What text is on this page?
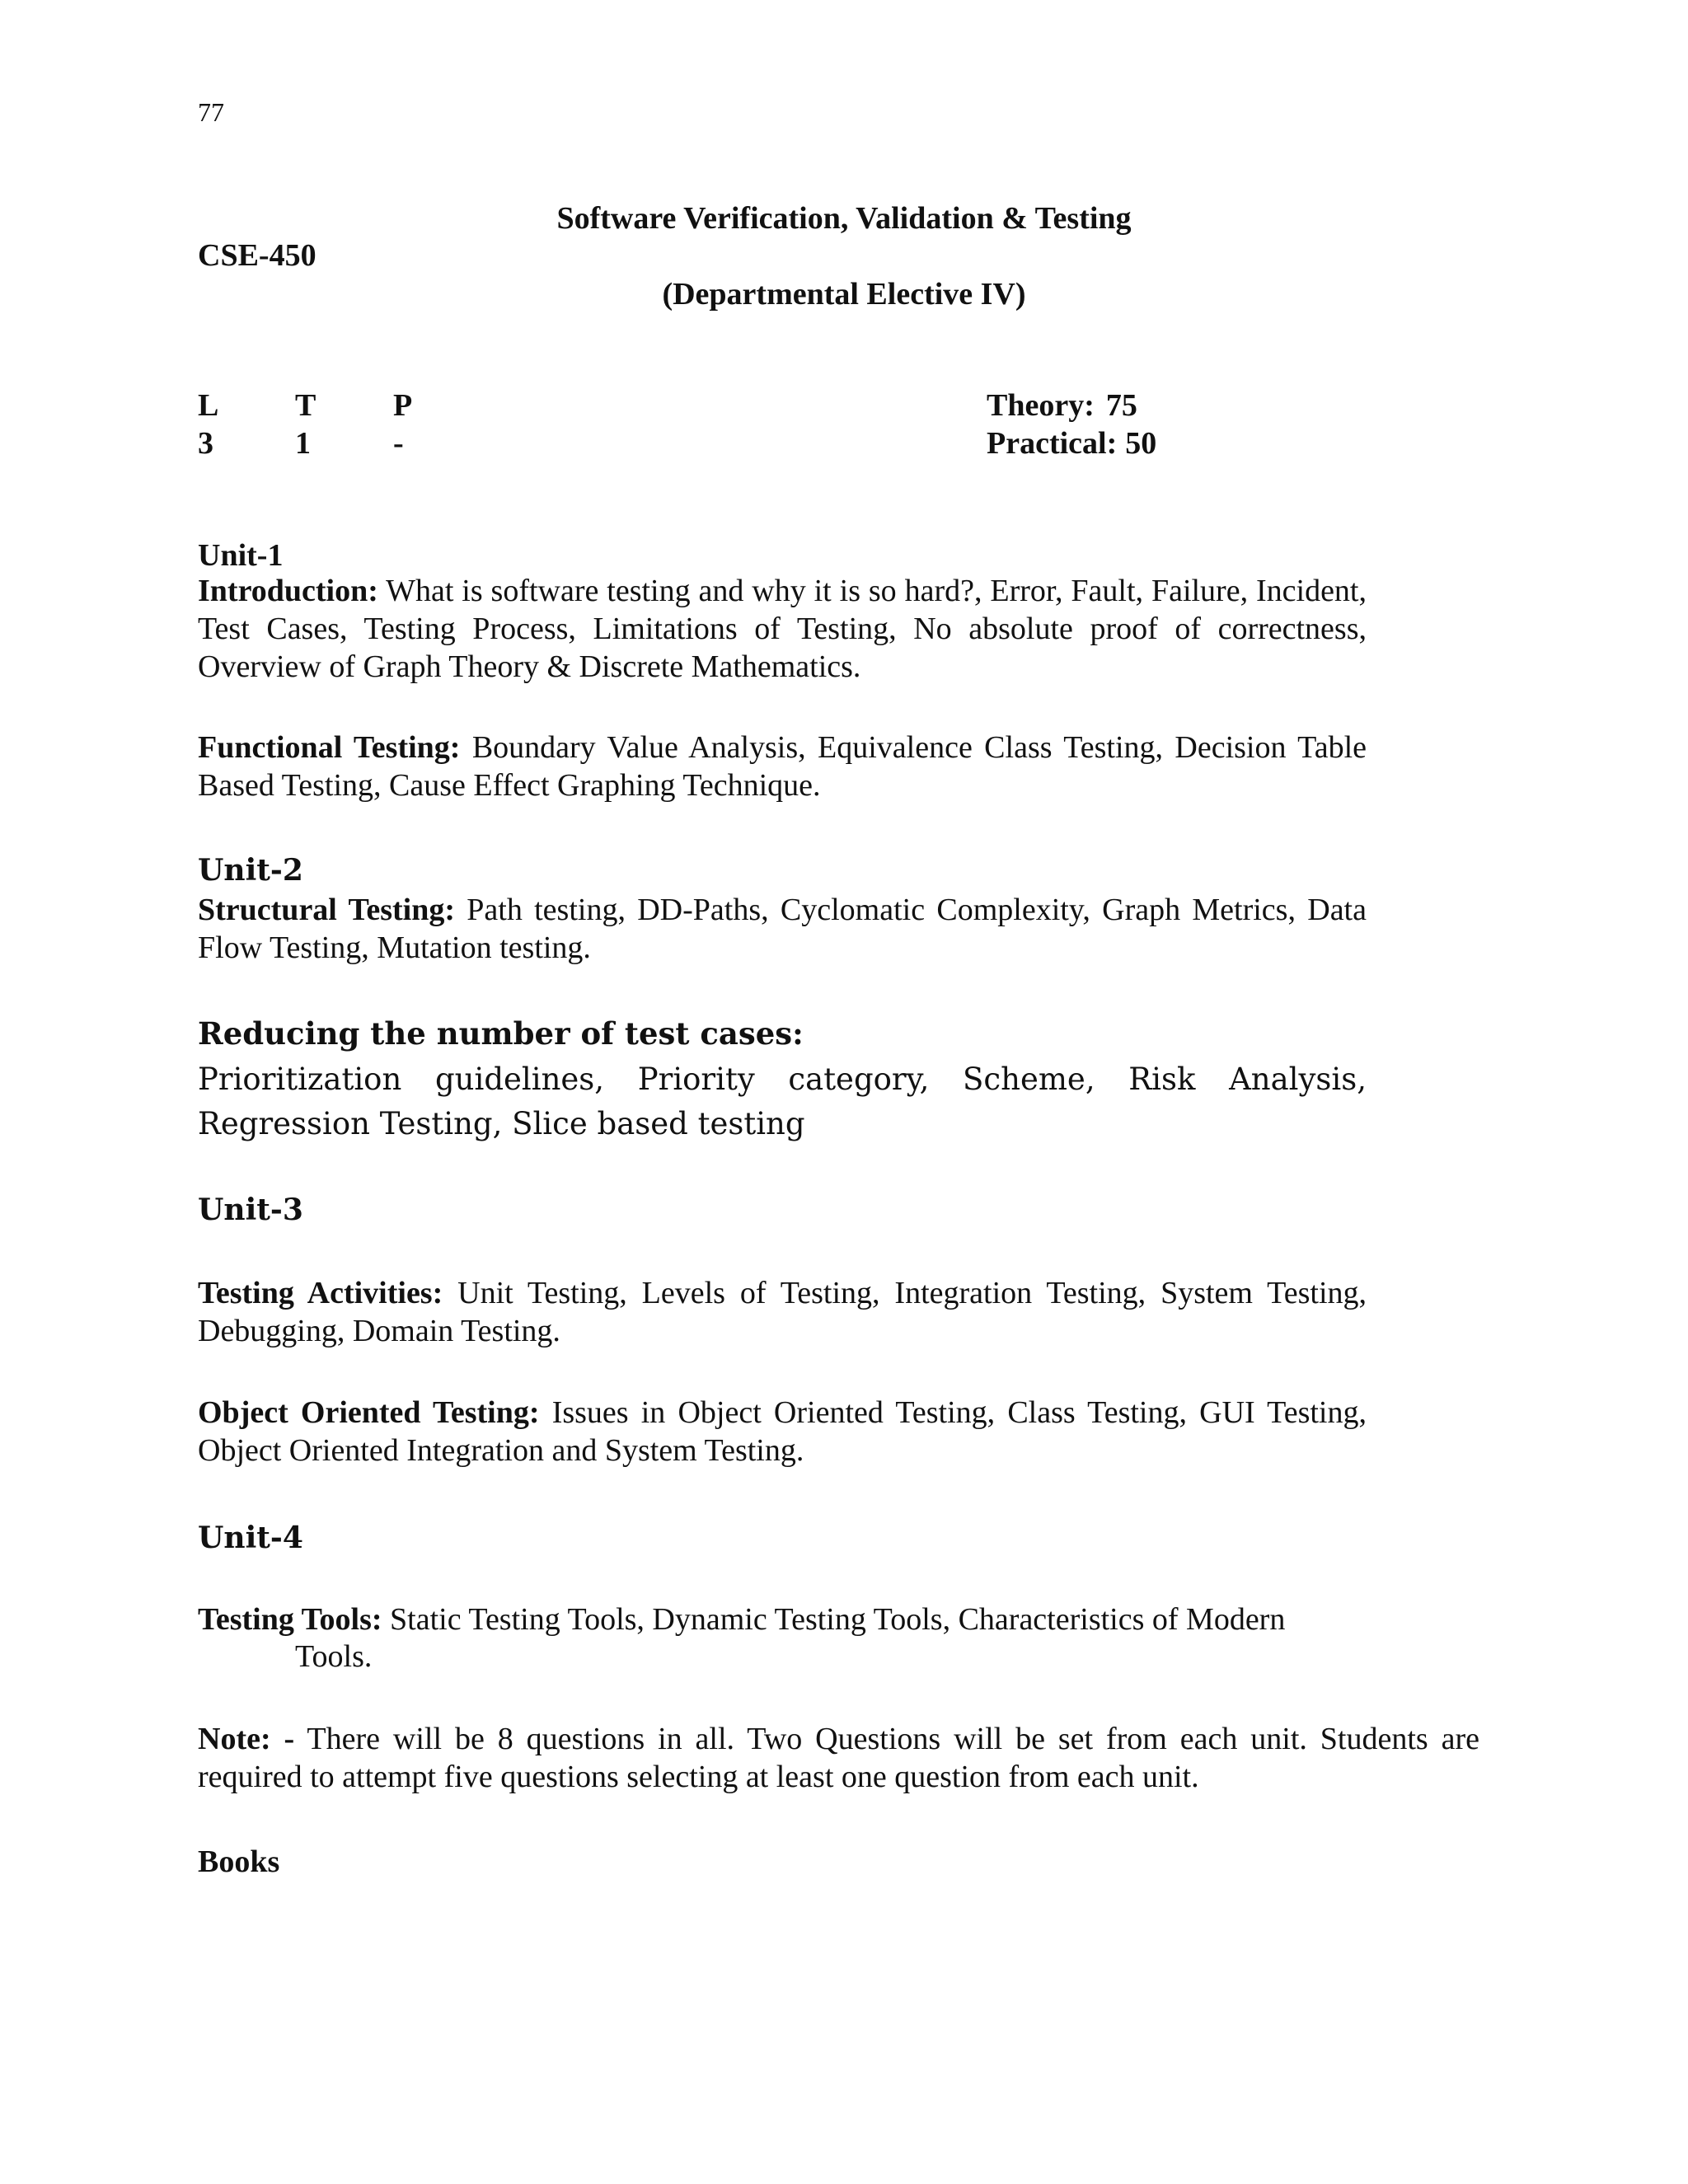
77
Software Verification, Validation & Testing
CSE-450
(Departmental Elective IV)
L T P
3	1	-
Theory: 75
Practical: 50
Unit-1
Introduction: What is software testing and why it is so hard?, Error, Fault, Failure, Incident, Test Cases, Testing Process, Limitations of Testing, No absolute proof of correctness, Overview of Graph Theory & Discrete Mathematics.
Functional Testing: Boundary Value Analysis, Equivalence Class Testing, Decision Table Based Testing, Cause Effect Graphing Technique.
Unit-2
Structural Testing: Path testing, DD-Paths, Cyclomatic Complexity, Graph Metrics, Data Flow Testing, Mutation testing.
Reducing the number of test cases:
Prioritization guidelines, Priority category, Scheme, Risk Analysis, Regression Testing, Slice based testing
Unit-3
Testing Activities: Unit Testing, Levels of Testing, Integration Testing, System Testing, Debugging, Domain Testing.
Object Oriented Testing: Issues in Object Oriented Testing, Class Testing, GUI Testing, Object Oriented Integration and System Testing.
Unit-4
Testing Tools: Static Testing Tools, Dynamic Testing Tools, Characteristics of Modern
Tools.
Note: - There will be 8 questions in all. Two Questions will be set from each unit. Students are required to attempt five questions selecting at least one question from each unit.
Books
